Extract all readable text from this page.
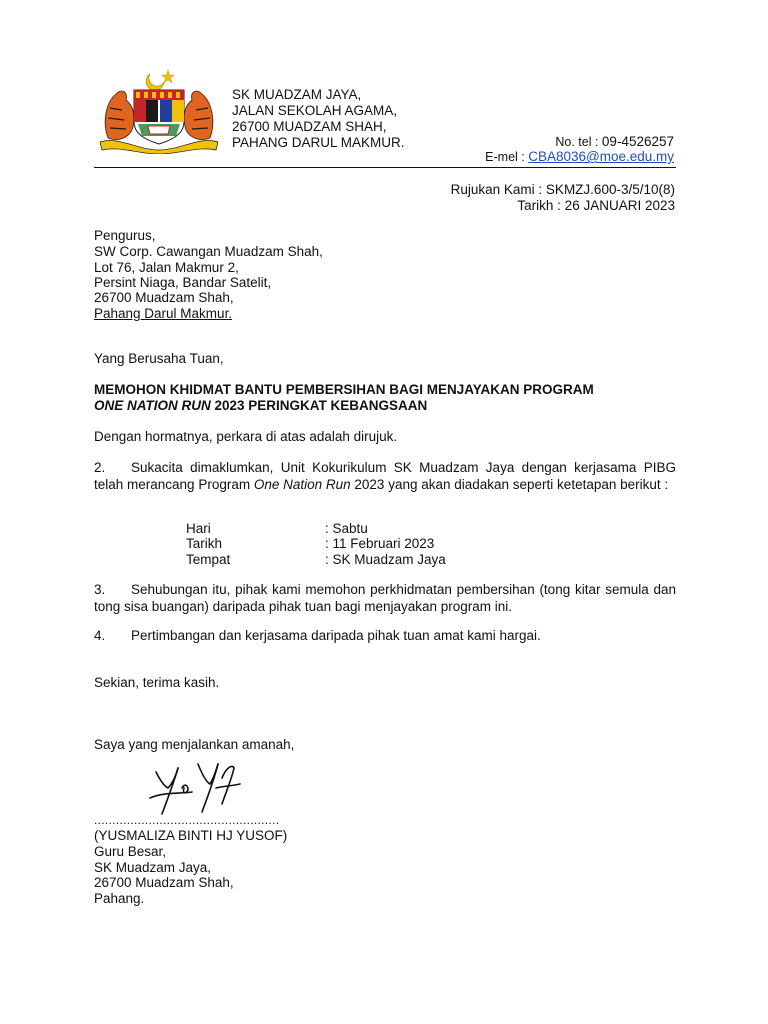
SK MUADZAM JAYA,
JALAN SEKOLAH AGAMA,
26700 MUADZAM SHAH,
PAHANG DARUL MAKMUR.	No. tel : 09-4526257
E-mel : CBA8036@moe.edu.my
Rujukan Kami : SKMZJ.600-3/5/10(8)
Tarikh : 26 JANUARI 2023
Pengurus,
SW Corp. Cawangan Muadzam Shah,
Lot 76, Jalan Makmur 2,
Persint Niaga, Bandar Satelit,
26700 Muadzam Shah,
Pahang Darul Makmur.
Yang Berusaha Tuan,
MEMOHON KHIDMAT BANTU PEMBERSIHAN BAGI MENJAYAKAN PROGRAM
ONE NATION RUN 2023 PERINGKAT KEBANGSAAN
Dengan hormatnya, perkara di atas adalah dirujuk.
2. Sukacita dimaklumkan, Unit Kokurikulum SK Muadzam Jaya dengan kerjasama PIBG telah merancang Program One Nation Run 2023 yang akan diadakan seperti ketetapan berikut :
Hari	: Sabtu
Tarikh	: 11 Februari 2023
Tempat	: SK Muadzam Jaya
3. Sehubungan itu, pihak kami memohon perkhidmatan pembersihan (tong kitar semula dan tong sisa buangan) daripada pihak tuan bagi menjayakan program ini.
4. Pertimbangan dan kerjasama daripada pihak tuan amat kami hargai.
Sekian, terima kasih.
Saya yang menjalankan amanah,
...................................................
(YUSMALIZA BINTI HJ YUSOF)
Guru Besar,
SK Muadzam Jaya,
26700 Muadzam Shah,
Pahang.
